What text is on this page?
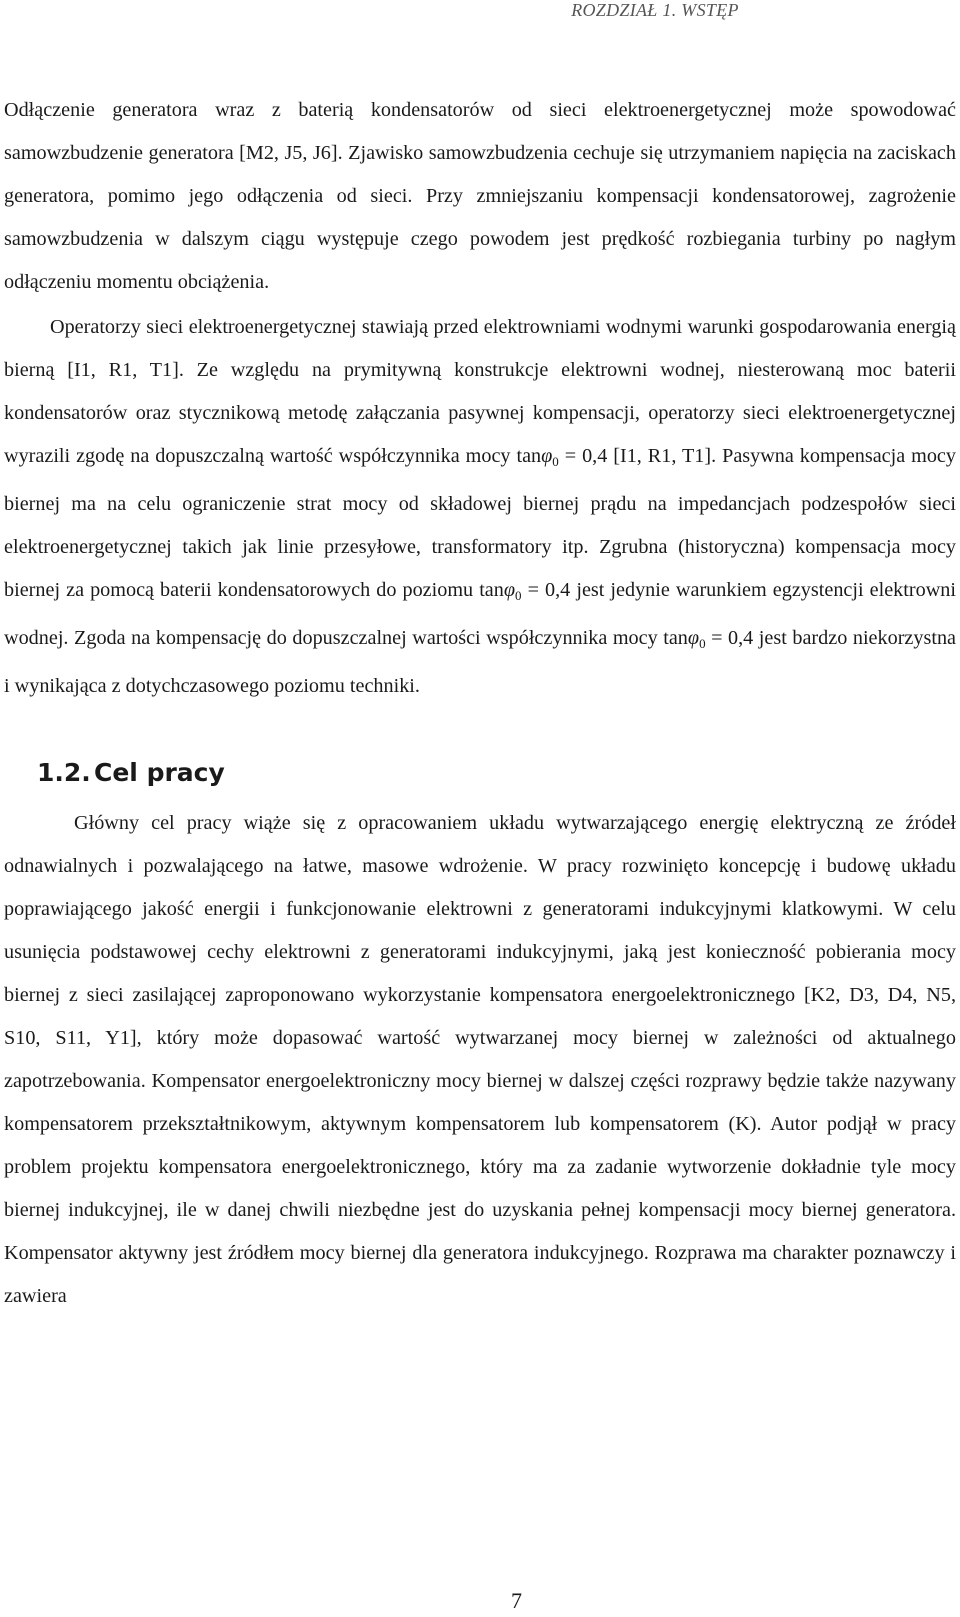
ROZDZIAŁ 1. WSTĘP

Odłączenie generatora wraz z baterią kondensatorów od sieci elektroenergetycznej może spowodować samowzbudzenie generatora [M2, J5, J6]. Zjawisko samowzbudzenia cechuje się utrzymaniem napięcia na zaciskach generatora, pomimo jego odłączenia od sieci. Przy zmniejszaniu kompensacji kondensatorowej, zagrożenie samowzbudzenia w dalszym ciągu występuje czego powodem jest prędkość rozbiegania turbiny po nagłym odłączeniu momentu obciążenia.

Operatorzy sieci elektroenergetycznej stawiają przed elektrowniami wodnymi warunki gospodarowania energią bierną [I1, R1, T1]. Ze względu na prymitywną konstrukcje elektrowni wodnej, niesterowaną moc baterii kondensatorów oraz stycznikową metodę załączania pasywnej kompensacji, operatorzy sieci elektroenergetycznej wyrazili zgodę na dopuszczalną wartość współczynnika mocy tanφ$_0$ = 0,4 [I1, R1, T1]. Pasywna kompensacja mocy biernej ma na celu ograniczenie strat mocy od składowej biernej prądu na impedancjach podzespołów sieci elektroenergetycznej takich jak linie przesyłowe, transformatory itp. Zgrubna (historyczna) kompensacja mocy biernej za pomocą baterii kondensatorowych do poziomu tanφ$_0$ = 0,4 jest jedynie warunkiem egzystencji elektrowni wodnej. Zgoda na kompensację do dopuszczalnej wartości współczynnika mocy tanφ$_0$ = 0,4 jest bardzo niekorzystna i wynikająca z dotychczasowego poziomu techniki.

1.2. Cel pracy

Główny cel pracy wiąże się z opracowaniem układu wytwarzającego energię elektryczną ze źródeł odnawialnych i pozwalającego na łatwe, masowe wdrożenie. W pracy rozwinięto koncepcję i budowę układu poprawiającego jakość energii i funkcjonowanie elektrowni z generatorami indukcyjnymi klatkowymi. W celu usunięcia podstawowej cechy elektrowni z generatorami indukcyjnymi, jaką jest konieczność pobierania mocy biernej z sieci zasilającej zaproponowano wykorzystanie kompensatora energoelektronicznego [K2, D3, D4, N5, S10, S11, Y1], który może dopasować wartość wytwarzanej mocy biernej w zależności od aktualnego zapotrzebowania. Kompensator energoelektroniczny mocy biernej w dalszej części rozprawy będzie także nazywany kompensatorem przekształtnikowym, aktywnym kompensatorem lub kompensatorem (K). Autor podjął w pracy problem projektu kompensatora energoelektronicznego, który ma za zadanie wytworzenie dokładnie tyle mocy biernej indukcyjnej, ile w danej chwili niezbędne jest do uzyskania pełnej kompensacji mocy biernej generatora. Kompensator aktywny jest źródłem mocy biernej dla generatora indukcyjnego. Rozprawa ma charakter poznawczy i zawiera

7
